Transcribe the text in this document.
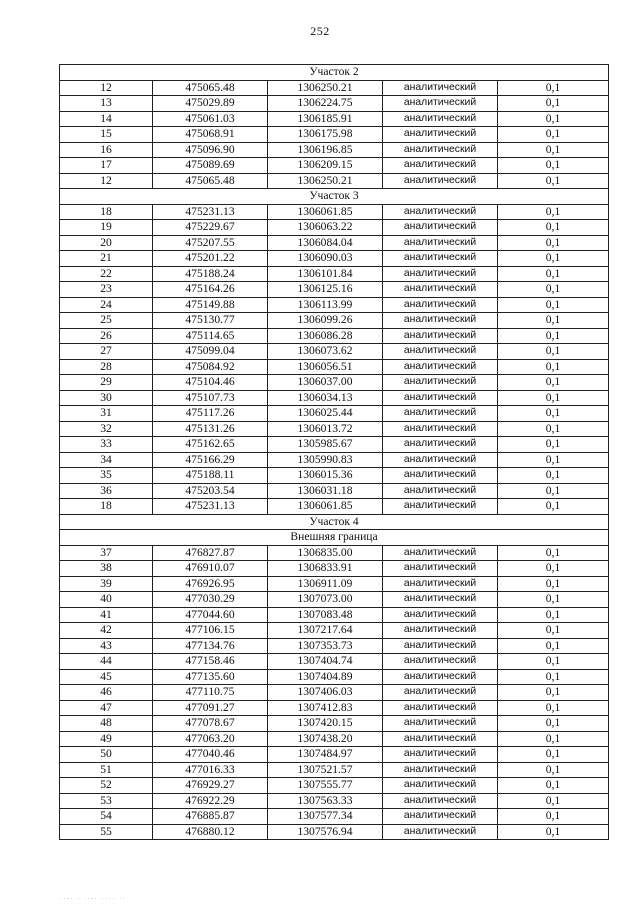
252
Участок 2				
12	475065.48	1306250.21	аналитический	0,1
13	475029.89	1306224.75	аналитический	0,1
14	475061.03	1306185.91	аналитический	0,1
15	475068.91	1306175.98	аналитический	0,1
16	475096.90	1306196.85	аналитический	0,1
17	475089.69	1306209.15	аналитический	0,1
12	475065.48	1306250.21	аналитический	0,1
Участок 3				
18	475231.13	1306061.85	аналитический	0,1
19	475229.67	1306063.22	аналитический	0,1
20	475207.55	1306084.04	аналитический	0,1
21	475201.22	1306090.03	аналитический	0,1
22	475188.24	1306101.84	аналитический	0,1
23	475164.26	1306125.16	аналитический	0,1
24	475149.88	1306113.99	аналитический	0,1
25	475130.77	1306099.26	аналитический	0,1
26	475114.65	1306086.28	аналитический	0,1
27	475099.04	1306073.62	аналитический	0,1
28	475084.92	1306056.51	аналитический	0,1
29	475104.46	1306037.00	аналитический	0,1
30	475107.73	1306034.13	аналитический	0,1
31	475117.26	1306025.44	аналитический	0,1
32	475131.26	1306013.72	аналитический	0,1
33	475162.65	1305985.67	аналитический	0,1
34	475166.29	1305990.83	аналитический	0,1
35	475188.11	1306015.36	аналитический	0,1
36	475203.54	1306031.18	аналитический	0,1
18	475231.13	1306061.85	аналитический	0,1
Участок 4				
Внешняя граница				
37	476827.87	1306835.00	аналитический	0,1
38	476910.07	1306833.91	аналитический	0,1
39	476926.95	1306911.09	аналитический	0,1
40	477030.29	1307073.00	аналитический	0,1
41	477044.60	1307083.48	аналитический	0,1
42	477106.15	1307217.64	аналитический	0,1
43	477134.76	1307353.73	аналитический	0,1
44	477158.46	1307404.74	аналитический	0,1
45	477135.60	1307404.89	аналитический	0,1
46	477110.75	1307406.03	аналитический	0,1
47	477091.27	1307412.83	аналитический	0,1
48	477078.67	1307420.15	аналитический	0,1
49	477063.20	1307438.20	аналитический	0,1
50	477040.46	1307484.97	аналитический	0,1
51	477016.33	1307521.57	аналитический	0,1
52	476929.27	1307555.77	аналитический	0,1
53	476922.29	1307563.33	аналитический	0,1
54	476885.87	1307577.34	аналитический	0,1
55	476880.12	1307576.94	аналитический	0,1
.... . .... .... ..
